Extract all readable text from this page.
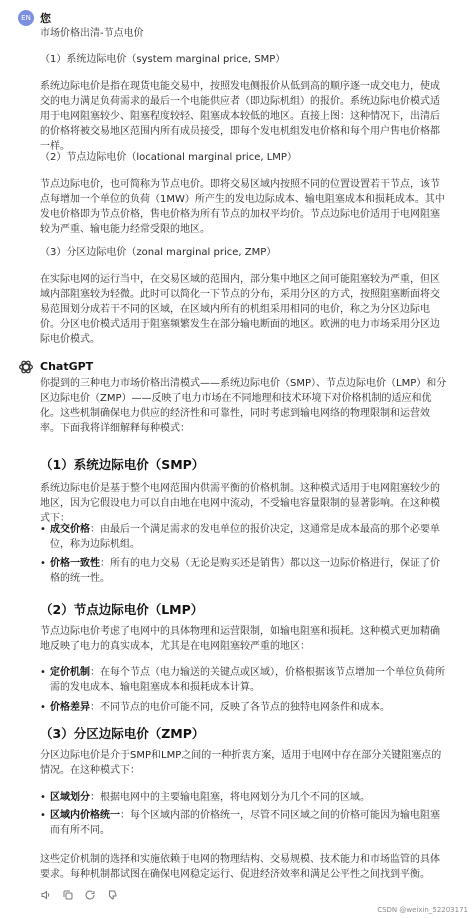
EN 您

市场价格出清-节点电价

（1）系统边际电价（system marginal price, SMP）

系统边际电价是指在现货电能交易中，按照发电侧报价从低到高的顺序逐一成交电力，使成交的电力满足负荷需求的最后一个电能供应者（即边际机组）的报价。系统边际电价模式适用于电网阻塞较少、阻塞程度较轻、阻塞成本较低的地区。直接上图：这种情况下，出清后的价格将被交易地区范围内所有成员接受，即每个发电机组发电价格和每个用户售电价格都一样。

（2）节点边际电价（locational marginal price, LMP）

节点边际电价，也可简称为节点电价。即将交易区域内按照不同的位置设置若干节点，该节点每增加一个单位的负荷（1MW）所产生的发电边际成本、输电阻塞成本和损耗成本。其中发电价格即为节点价格，售电价格为所有节点的加权平均价。节点边际电价适用于电网阻塞较为严重、输电能力经常受限的地区。

（3）分区边际电价（zonal marginal price, ZMP）

在实际电网的运行当中，在交易区域的范围内，部分集中地区之间可能阻塞较为严重，但区域内部阻塞较为轻微。此时可以简化一下节点的分布，采用分区的方式，按照阻塞断面将交易范围划分成若干不同的区域，在区域内所有的机组采用相同的电价，称之为分区边际电价。分区电价模式适用于阻塞频繁发生在部分输电断面的地区。欧洲的电力市场采用分区边际电价模式。

ChatGPT

你提到的三种电力市场价格出清模式——系统边际电价（SMP）、节点边际电价（LMP）和分区边际电价（ZMP）——反映了电力市场在不同地理和技术环境下对价格机制的适应和优化。这些机制确保电力供应的经济性和可靠性，同时考虑到输电网络的物理限制和运营效率。下面我将详细解释每种模式：

（1）系统边际电价（SMP）

系统边际电价是基于整个电网范围内供需平衡的价格机制。这种模式适用于电网阻塞较少的地区，因为它假设电力可以自由地在电网中流动，不受输电容量限制的显著影响。在这种模式下：

• 成交价格：由最后一个满足需求的发电单位的报价决定，这通常是成本最高的那个必要单位，称为边际机组。
• 价格一致性：所有的电力交易（无论是购买还是销售）都以这一边际价格进行，保证了价格的统一性。

（2）节点边际电价（LMP）

节点边际电价考虑了电网中的具体物理和运营限制，如输电阻塞和损耗。这种模式更加精确地反映了电力的真实成本，尤其是在电网阻塞较严重的地区：

• 定价机制：在每个节点（电力输送的关键点或区域），价格根据该节点增加一个单位负荷所需的发电成本、输电阻塞成本和损耗成本计算。
• 价格差异：不同节点的电价可能不同，反映了各节点的独特电网条件和成本。

（3）分区边际电价（ZMP）

分区边际电价是介于SMP和LMP之间的一种折衷方案，适用于电网中存在部分关键阻塞点的情况。在这种模式下：

• 区域划分：根据电网中的主要输电阻塞，将电网划分为几个不同的区域。
• 区域内价格统一：每个区域内部的价格统一，尽管不同区域之间的价格可能因为输电阻塞而有所不同。

这些定价机制的选择和实施依赖于电网的物理结构、交易规模、技术能力和市场监管的具体要求。每种机制都试图在确保电网稳定运行、促进经济效率和满足公平性之间找到平衡。

CSDN @weixin_52203171
